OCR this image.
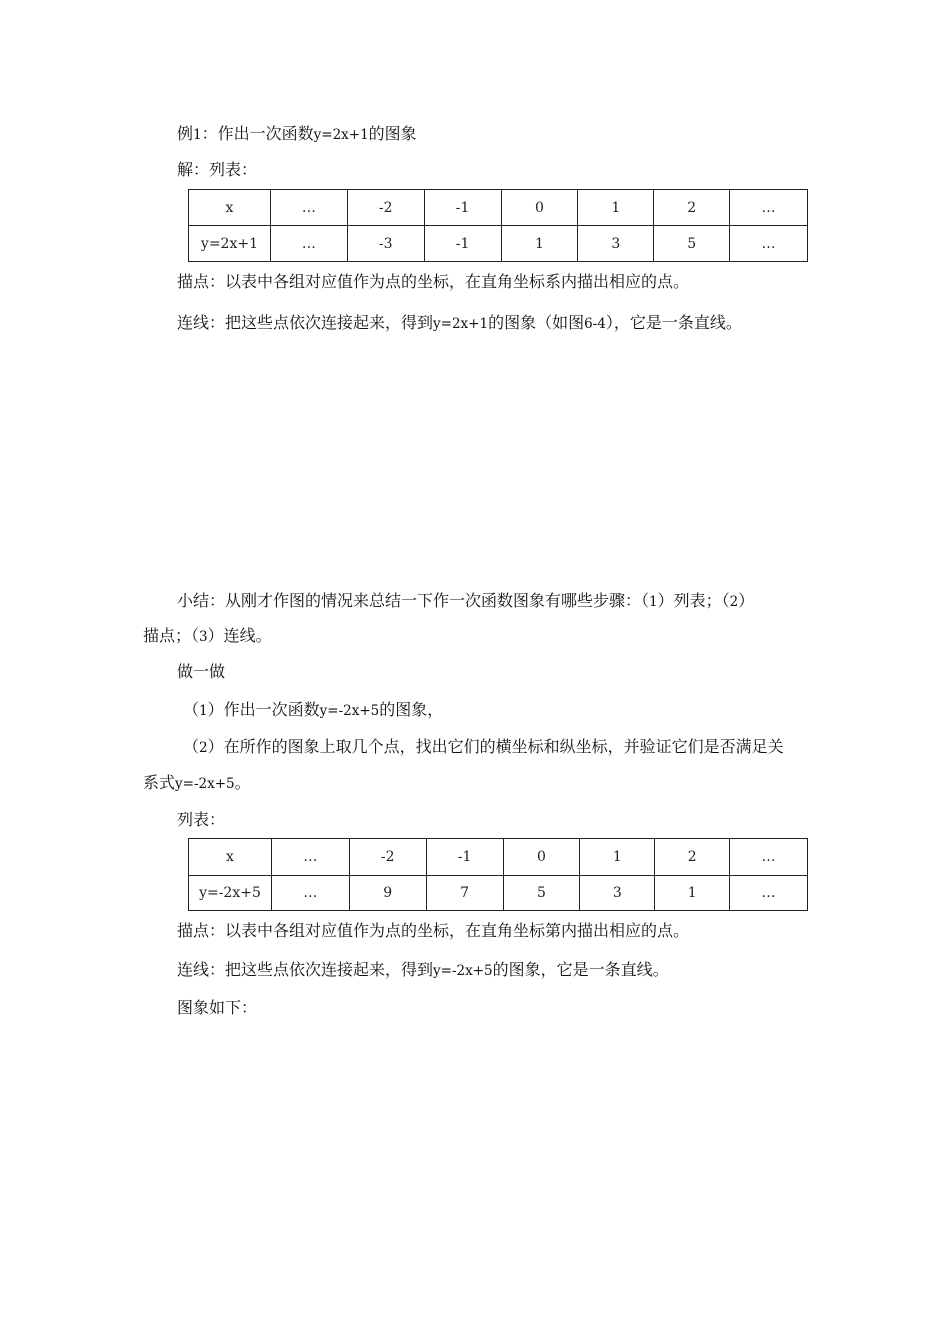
例1：作出一次函数y=2x+1的图象
解：列表：
x	…	-2	-1	0	1	2	…
y=2x+1	…	-3	-1	1	3	5	…
描点：以表中各组对应值作为点的坐标，在直角坐标系内描出相应的点。
连线：把这些点依次连接起来，得到y=2x+1的图象（如图6-4），它是一条直线。
小结：从刚才作图的情况来总结一下作一次函数图象有哪些步骤：（1）列表；（2）
描点；（3）连线。
做一做
（1）作出一次函数y=-2x+5的图象，
（2）在所作的图象上取几个点，找出它们的横坐标和纵坐标，并验证它们是否满足关
系式y=-2x+5。
列表：
x	…	-2	-1	0	1	2	…
y=-2x+5	…	9	7	5	3	1	…
描点：以表中各组对应值作为点的坐标，在直角坐标第内描出相应的点。
连线：把这些点依次连接起来，得到y=-2x+5的图象，它是一条直线。
图象如下：
